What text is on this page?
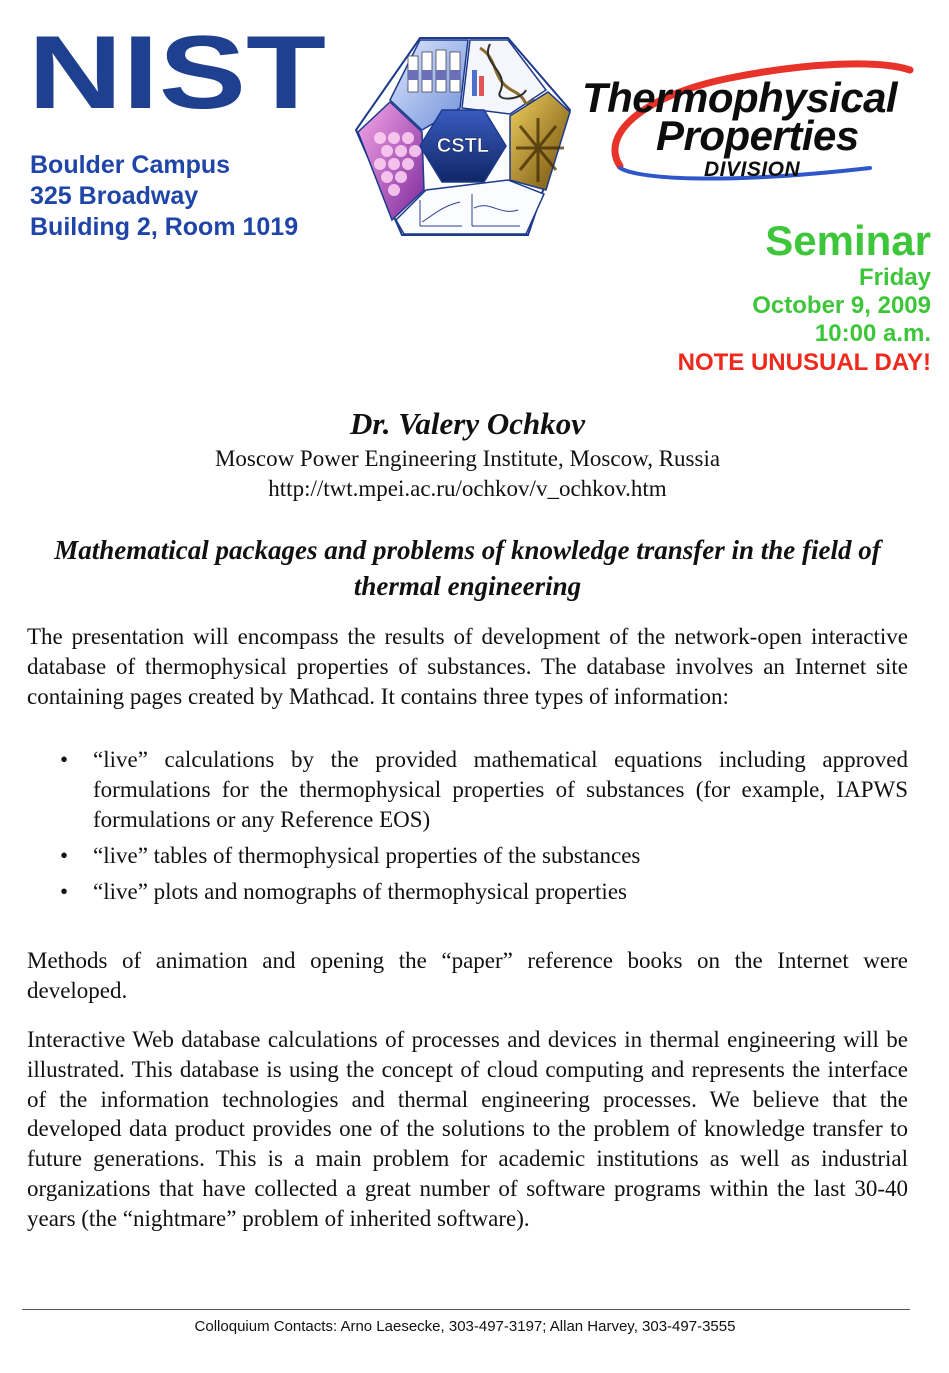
NIST
Boulder Campus
325 Broadway
Building 2, Room 1019
CSTL
Thermophysical
Properties
DIVISION
Seminar
Friday
October 9, 2009
10:00 a.m.
NOTE UNUSUAL DAY!
Dr. Valery Ochkov
Moscow Power Engineering Institute, Moscow, Russia
http://twt.mpei.ac.ru/ochkov/v_ochkov.htm
Mathematical packages and problems of knowledge transfer in the field of thermal engineering

The presentation will encompass the results of development of the network-open interactive database of thermophysical properties of substances. The database involves an Internet site containing pages created by Mathcad. It contains three types of information:

• “live” calculations by the provided mathematical equations including approved formulations for the thermophysical properties of substances (for example, IAPWS formulations or any Reference EOS)
• “live” tables of thermophysical properties of the substances
• “live” plots and nomographs of thermophysical properties

Methods of animation and opening the “paper” reference books on the Internet were developed.

Interactive Web database calculations of processes and devices in thermal engineering will be illustrated. This database is using the concept of cloud computing and represents the interface of the information technologies and thermal engineering processes. We believe that the developed data product provides one of the solutions to the problem of knowledge transfer to future generations. This is a main problem for academic institutions as well as industrial organizations that have collected a great number of software programs within the last 30-40 years (the “nightmare” problem of inherited software).

Colloquium Contacts: Arno Laesecke, 303-497-3197; Allan Harvey, 303-497-3555
